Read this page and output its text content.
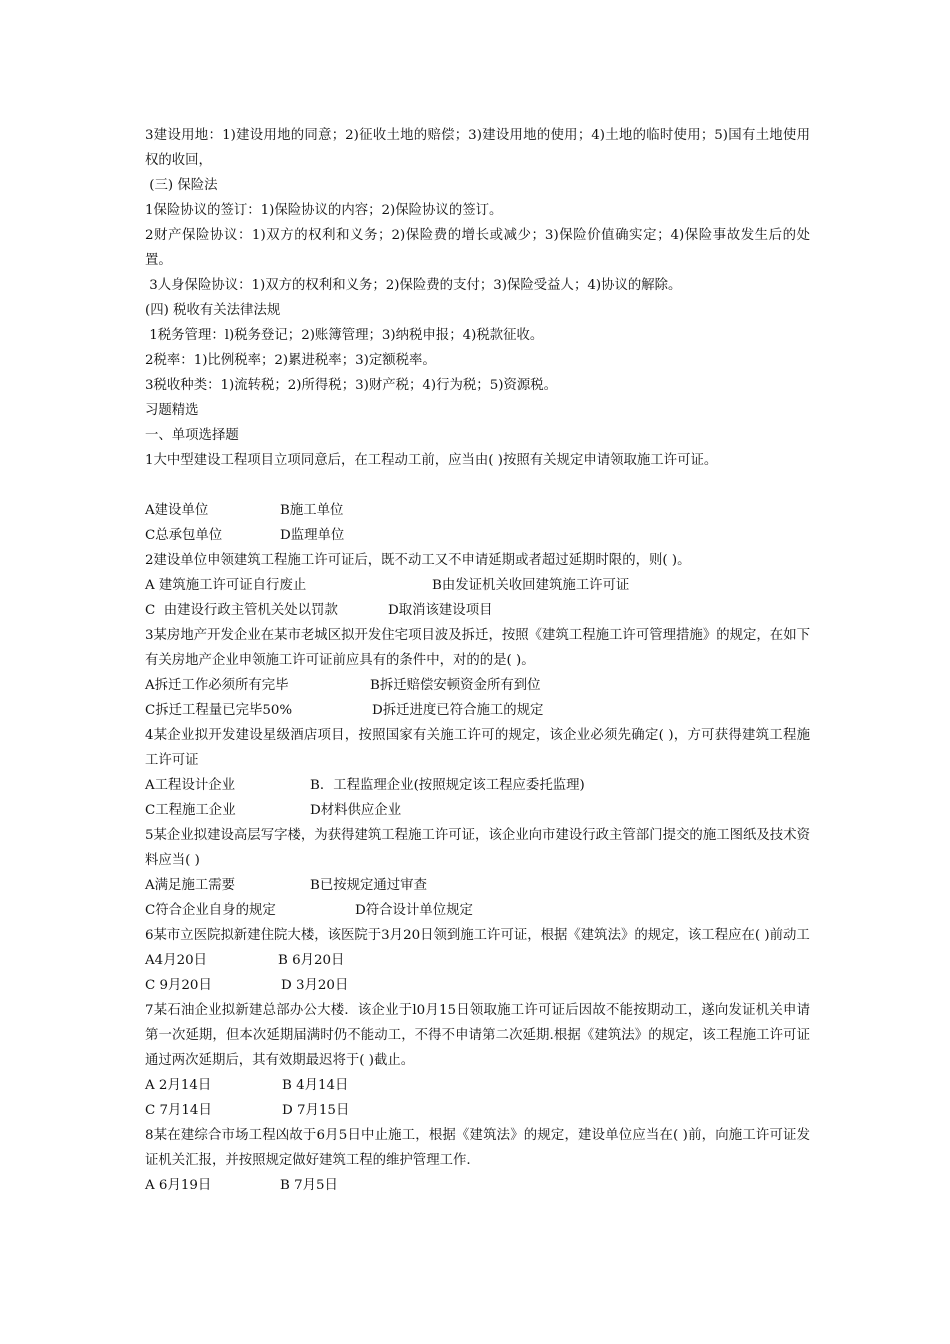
3建设用地：1)建设用地的同意；2)征收土地的赔偿；3)建设用地的使用；4)土地的临时使用；5)国有土地使用权的收回，
(三) 保险法
1保险协议的签订：1)保险协议的内容；2)保险协议的签订。
2财产保险协议：1)双方的权利和义务；2)保险费的增长或减少；3)保险价值确实定；4)保险事故发生后的处置。
3人身保险协议：1)双方的权利和义务；2)保险费的支付；3)保险受益人；4)协议的解除。
(四) 税收有关法律法规
1税务管理：l)税务登记；2)账簿管理；3)纳税申报；4)税款征收。
2税率：1)比例税率；2)累进税率；3)定额税率。
3税收种类：1)流转税；2)所得税；3)财产税；4)行为税；5)资源税。
习题精选
一、单项选择题
1大中型建设工程项目立项同意后，在工程动工前，应当由( )按照有关规定申请领取施工许可证。
A建设单位	B施工单位
C总承包单位	D监理单位
2建设单位申领建筑工程施工许可证后，既不动工又不申请延期或者超过延期时限的，则( )。
A 建筑施工许可证自行废止	B由发证机关收回建筑施工许可证
C  由建设行政主管机关处以罚款	D取消该建设项目
3某房地产开发企业在某市老城区拟开发住宅项目波及拆迁，按照《建筑工程施工许可管理措施》的规定，在如下有关房地产企业申领施工许可证前应具有的条件中，对的的是( )。
A拆迁工作必须所有完毕	B拆迁赔偿安顿资金所有到位
C拆迁工程量已完毕50%	D拆迁进度已符合施工的规定
4某企业拟开发建设星级酒店项目，按照国家有关施工许可的规定，该企业必须先确定( )，方可获得建筑工程施工许可证
A工程设计企业	B．工程监理企业(按照规定该工程应委托监理)
C工程施工企业	D材料供应企业
5某企业拟建设高层写字楼，为获得建筑工程施工许可证，该企业向市建设行政主管部门提交的施工图纸及技术资料应当( )
A满足施工需要	B已按规定通过审查
C符合企业自身的规定	D符合设计单位规定
6某市立医院拟新建住院大楼，该医院于3月20日领到施工许可证，根据《建筑法》的规定，该工程应在( )前动工
A4月20日	B 6月20日
C 9月20日	D 3月20日
7某石油企业拟新建总部办公大楼．该企业于l0月15日领取施工许可证后因故不能按期动工，遂向发证机关申请第一次延期，但本次延期届满时仍不能动工，不得不申请第二次延期.根据《建筑法》的规定，该工程施工许可证通过两次延期后，其有效期最迟将于( )截止。
A 2月14日	B 4月14日
C 7月14日	D 7月15日
8某在建综合市场工程凶故于6月5日中止施工，根据《建筑法》的规定，建设单位应当在( )前，向施工许可证发证机关汇报，并按照规定做好建筑工程的维护管理工作.
A 6月19日	B 7月5日
